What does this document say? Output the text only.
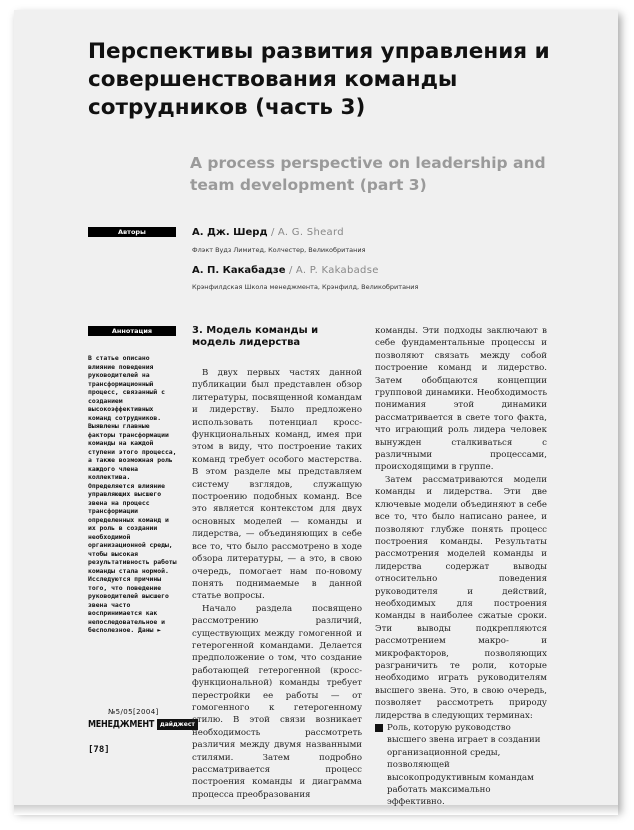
Перспективы развития управления и совершенствования команды сотрудников (часть 3)
A process perspective on leadership and team development (part 3)
Авторы	А. Дж. Шерд / A. G. Sheard
Флэкт Вудз Лимитед, Колчестер, Великобритания
А. П. Какабадзе / A. P. Kakabadse
Крэнфилдская Школа менеджмента, Крэнфилд, Великобритания
Аннотация

В статье описано влияние поведения руководителей на трансформационный процесс, связанный с созданием высокоэффективных команд сотрудников. Выявлены главные факторы трансформации команды на каждой ступени этого процесса, а также возможная роль каждого члена коллектива. Определяется влияние управляющих высшего звена на процесс трансформации определенных команд и их роль в создании необходимой организационной среды, чтобы высокая результативность работы команды стала нормой. Исследуются причины того, что поведение руководителей высшего звена часто воспринимается как непоследовательное и бесполезное. Даны ►

№5/05[2004]
МЕНЕДЖМЕНТ дайджест
[78]
3. Модель команды и модель лидерства

В двух первых частях данной публикации был представлен обзор литературы, посвященной командам и лидерству. Было предложено использовать потенциал кросс-функциональных команд, имея при этом в виду, что построение таких команд требует особого мастерства. В этом разделе мы представляем систему взглядов, служащую построению подобных команд. Все это является контекстом для двух основных моделей — команды и лидерства, — объединяющих в себе все то, что было рассмотрено в ходе обзора литературы, — а это, в свою очередь, помогает нам по-новому понять поднимаемые в данной статье вопросы.

Начало раздела посвящено рассмотрению различий, существующих между гомогенной и гетерогенной командами. Делается предположение о том, что создание работающей гетерогенной (кросс-функциональной) команды требует перестройки ее работы — от гомогенного к гетерогенному стилю. В этой связи возникает необходимость рассмотреть различия между двумя названными стилями. Затем подробно рассматривается процесс построения команды и диаграмма процесса преобразования

команды. Эти подходы заключают в себе фундаментальные процессы и позволяют связать между собой построение команд и лидерство. Затем обобщаются концепции групповой динамики. Необходимость понимания этой динамики рассматривается в свете того факта, что играющий роль лидера человек вынужден сталкиваться с различными процессами, происходящими в группе.

Затем рассматриваются модели команды и лидерства. Эти две ключевые модели объединяют в себе все то, что было написано ранее, и позволяют глубже понять процесс построения команды. Результаты рассмотрения моделей команды и лидерства содержат выводы относительно поведения руководителя и действий, необходимых для построения команды в наиболее сжатые сроки. Эти выводы подкрепляются рассмотрением макро- и микрофакторов, позволяющих разграничить те роли, которые необходимо играть руководителям высшего звена. Это, в свою очередь, позволяет рассмотреть природу лидерства в следующих терминах:

Роль, которую руководство высшего звена играет в создании организационной среды, позволяющей высокопродуктивным командам работать максимально эффективно.
